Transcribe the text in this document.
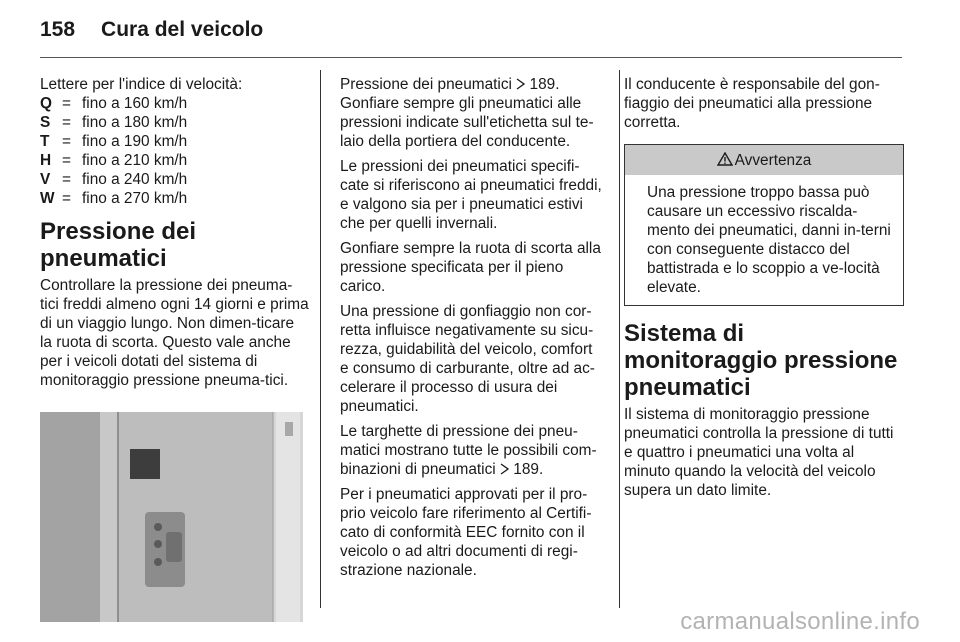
158 Cura del veicolo
Lettere per l'indice di velocità:
Q = fino a 160 km/h
S = fino a 180 km/h
T = fino a 190 km/h
H = fino a 210 km/h
V = fino a 240 km/h
W = fino a 270 km/h
Pressione dei pneumatici

Controllare la pressione dei pneuma-tici freddi almeno ogni 14 giorni e prima di un viaggio lungo. Non dimen-ticare la ruota di scorta. Questo vale anche per i veicoli dotati del sistema di monitoraggio pressione pneuma-tici.

Pressione dei pneumatici 189.
Gonfiare sempre gli pneumatici alle pressioni indicate sull'etichetta sul te-laio della portiera del conducente.

Le pressioni dei pneumatici specifi-cate si riferiscono ai pneumatici freddi, e valgono sia per i pneumatici estivi che per quelli invernali.

Gonfiare sempre la ruota di scorta alla pressione specificata per il pieno carico.

Una pressione di gonfiaggio non cor-retta influisce negativamente su sicu-rezza, guidabilità del veicolo, comfort e consumo di carburante, oltre ad ac-celerare il processo di usura dei pneumatici.

Le targhette di pressione dei pneu-matici mostrano tutte le possibili com-binazioni di pneumatici 189.

Per i pneumatici approvati per il pro-prio veicolo fare riferimento al Certifi-cato di conformità EEC fornito con il veicolo o ad altri documenti di regi-strazione nazionale.

Il conducente è responsabile del gon-fiaggio dei pneumatici alla pressione corretta.

Avvertenza
Una pressione troppo bassa può causare un eccessivo riscalda-mento dei pneumatici, danni in-terni con conseguente distacco del battistrada e lo scoppio a ve-locità elevate.
Sistema di monitoraggio pressione pneumatici

Il sistema di monitoraggio pressione pneumatici controlla la pressione di tutti e quattro i pneumatici una volta al minuto quando la velocità del veicolo supera un dato limite.

carmanualsonline.info
